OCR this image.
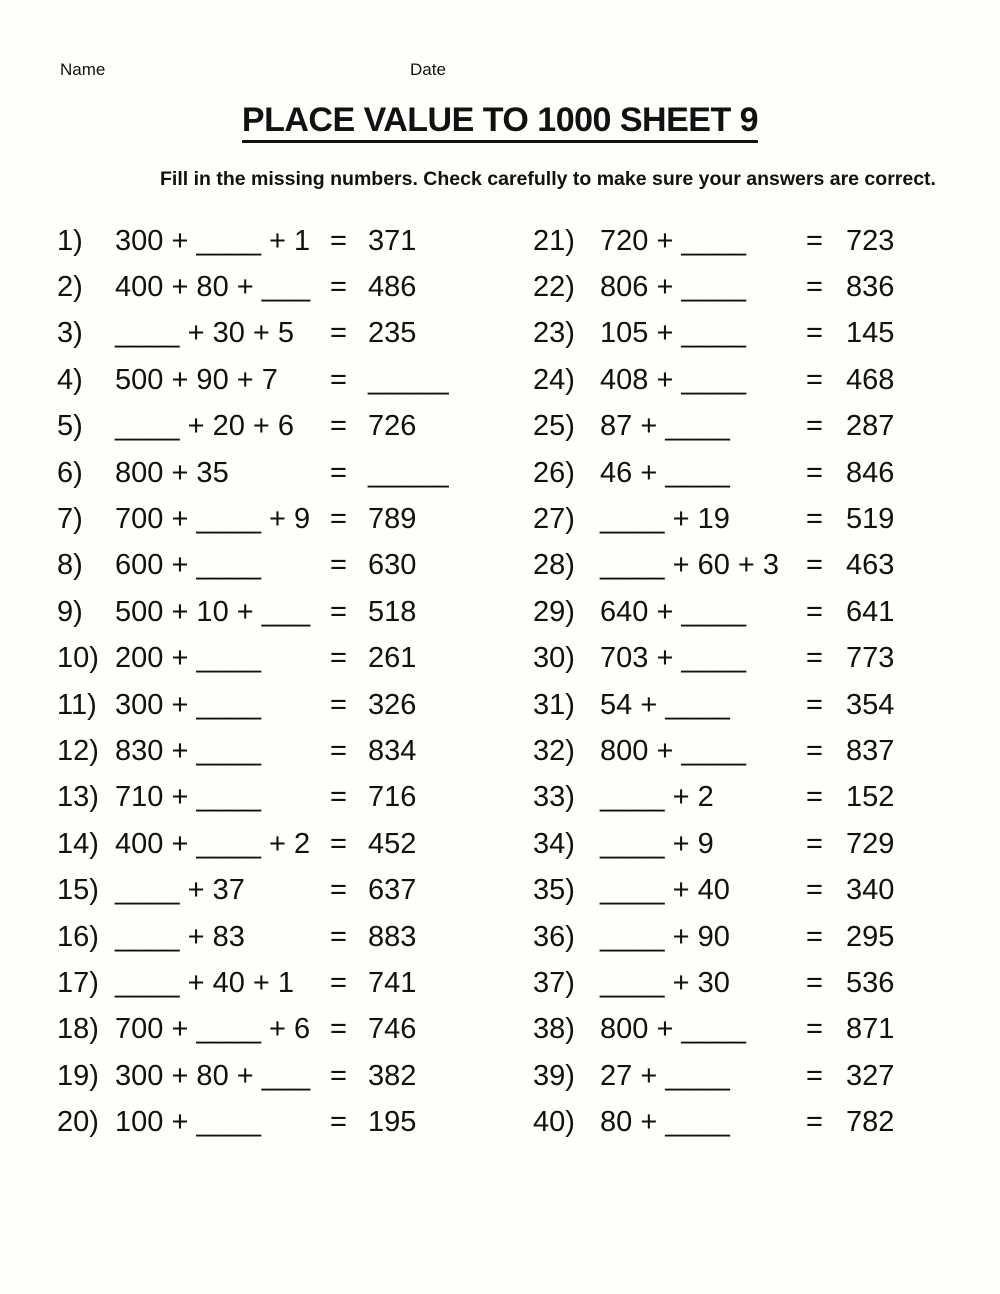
Name	Date
PLACE VALUE TO 1000 SHEET 9
Fill in the missing numbers. Check carefully to make sure your answers are correct.
1)	300 + ____ + 1 = 371
2)	400 + 80 + ___ = 486
3)	____ + 30 + 5	= 235
4)	500 + 90 + 7	= _____
5)	____ + 20 + 6	= 726
6)	800 + 35	= _____
7)	700 + ____ + 9 = 789
8)	600 + ____	= 630
9)	500 + 10 + ___ = 518
10) 200 + ____	= 261
11) 300 + ____	= 326
12) 830 + ____	= 834
13) 710 + ____	= 716
14) 400 + ____ + 2 = 452
15) ____ + 37	= 637
16) ____ + 83	= 883
17) ____ + 40 + 1	= 741
18) 700 + ____ + 6 = 746
19) 300 + 80 + ___ = 382
20) 100 + ____	= 195
21) 720 + ____	= 723
22) 806 + ____	= 836
23) 105 + ____	= 145
24) 408 + ____	= 468
25) 87 + ____	= 287
26) 46 + ____	= 846
27) ____ + 19	= 519
28) ____ + 60 + 3 = 463
29) 640 + ____	= 641
30) 703 + ____	= 773
31) 54 + ____	= 354
32) 800 + ____	= 837
33) ____ + 2	= 152
34) ____ + 9	= 729
35) ____ + 40	= 340
36) ____ + 90	= 295
37) ____ + 30	= 536
38) 800 + ____	= 871
39) 27 + ____	= 327
40) 80 + ____	= 782
